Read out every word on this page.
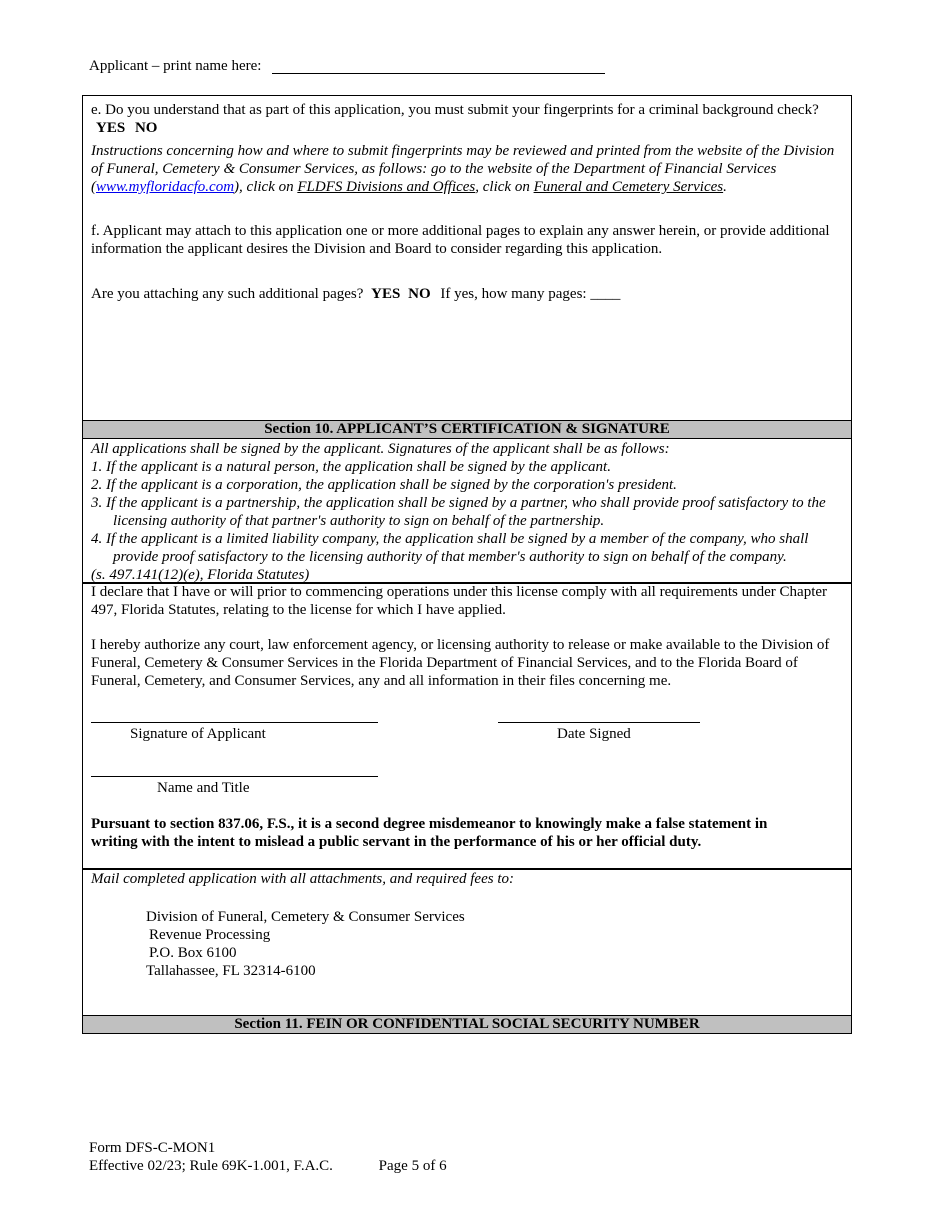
Applicant – print name here:
e. Do you understand that as part of this application, you must submit your fingerprints for a criminal background check? YES NO
Instructions concerning how and where to submit fingerprints may be reviewed and printed from the website of the Division of Funeral, Cemetery & Consumer Services, as follows: go to the website of the Department of Financial Services (www.myfloridacfo.com), click on FLDFS Divisions and Offices, click on Funeral and Cemetery Services.
f. Applicant may attach to this application one or more additional pages to explain any answer herein, or provide additional information the applicant desires the Division and Board to consider regarding this application.
Are you attaching any such additional pages? YES NO If yes, how many pages: ____
Section 10. APPLICANT’S CERTIFICATION & SIGNATURE
All applications shall be signed by the applicant. Signatures of the applicant shall be as follows:
1. If the applicant is a natural person, the application shall be signed by the applicant.
2. If the applicant is a corporation, the application shall be signed by the corporation's president.
3. If the applicant is a partnership, the application shall be signed by a partner, who shall provide proof satisfactory to the licensing authority of that partner's authority to sign on behalf of the partnership.
4. If the applicant is a limited liability company, the application shall be signed by a member of the company, who shall provide proof satisfactory to the licensing authority of that member's authority to sign on behalf of the company.
(s. 497.141(12)(e), Florida Statutes)
I declare that I have or will prior to commencing operations under this license comply with all requirements under Chapter 497, Florida Statutes, relating to the license for which I have applied.
I hereby authorize any court, law enforcement agency, or licensing authority to release or make available to the Division of Funeral, Cemetery & Consumer Services in the Florida Department of Financial Services, and to the Florida Board of Funeral, Cemetery, and Consumer Services, any and all information in their files concerning me.
Signature of Applicant	Date Signed
Name and Title
Pursuant to section 837.06, F.S., it is a second degree misdemeanor to knowingly make a false statement in writing with the intent to mislead a public servant in the performance of his or her official duty.
Mail completed application with all attachments, and required fees to:
Division of Funeral, Cemetery & Consumer Services
Revenue Processing
P.O. Box 6100
Tallahassee, FL 32314-6100
Section 11. FEIN OR CONFIDENTIAL SOCIAL SECURITY NUMBER
Form DFS-C-MON1
Effective 02/23; Rule 69K-1.001, F.A.C.	Page 5 of 6
